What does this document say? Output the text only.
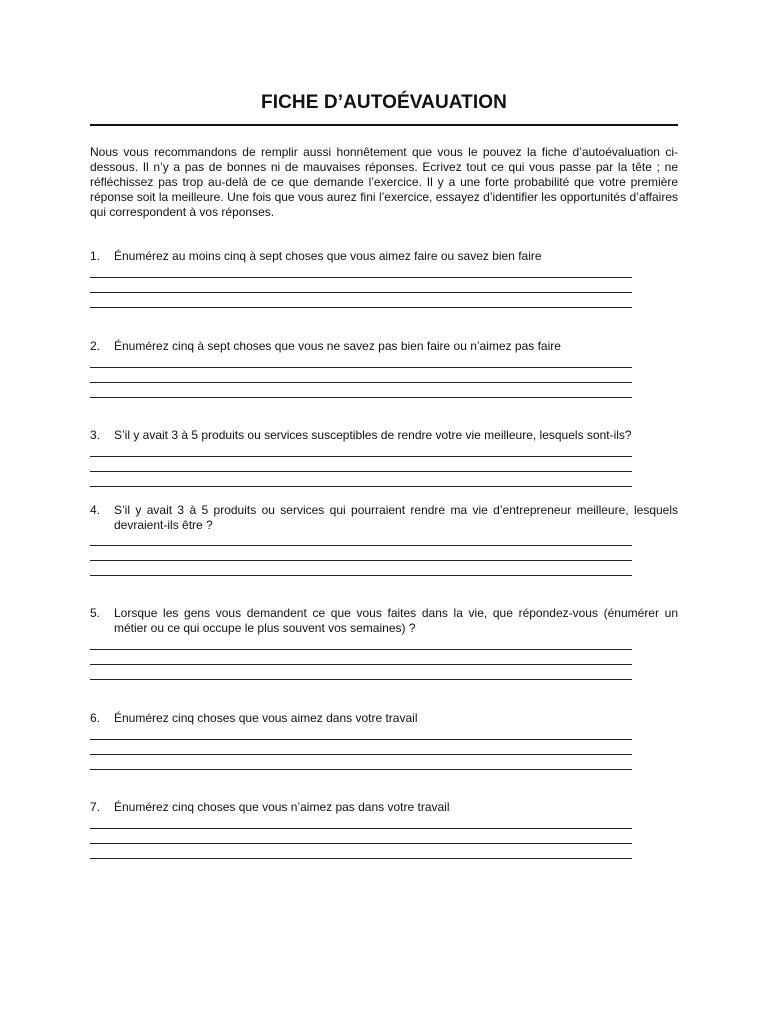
FICHE D’AUTOÉVAUATION

Nous vous recommandons de remplir aussi honnêtement que vous le pouvez la fiche d’autoévaluation ci-dessous. Il n’y a pas de bonnes ni de mauvaises réponses. Ecrivez tout ce qui vous passe par la tête ; ne réfléchissez pas trop au-delà de ce que demande l’exercice. Il y a une forte probabilité que votre première réponse soit la meilleure. Une fois que vous aurez fini l’exercice, essayez d’identifier les opportunités d’affaires qui correspondent à vos réponses.

1.	Énumérez au moins cinq à sept choses que vous aimez faire ou savez bien faire
2.	Énumérez cinq à sept choses que vous ne savez pas bien faire ou n’aimez pas faire
3.	S’il y avait 3 à 5 produits ou services susceptibles de rendre votre vie meilleure, lesquels sont-ils?
4.	S’il y avait 3 à 5 produits ou services qui pourraient rendre ma vie d’entrepreneur meilleure, lesquels devraient-ils être ?
5.	Lorsque les gens vous demandent ce que vous faites dans la vie, que répondez-vous (énumérer un métier ou ce qui occupe le plus souvent vos semaines) ?
6.	Énumérez cinq choses que vous aimez dans votre travail
7.	Énumérez cinq choses que vous n’aimez pas dans votre travail
